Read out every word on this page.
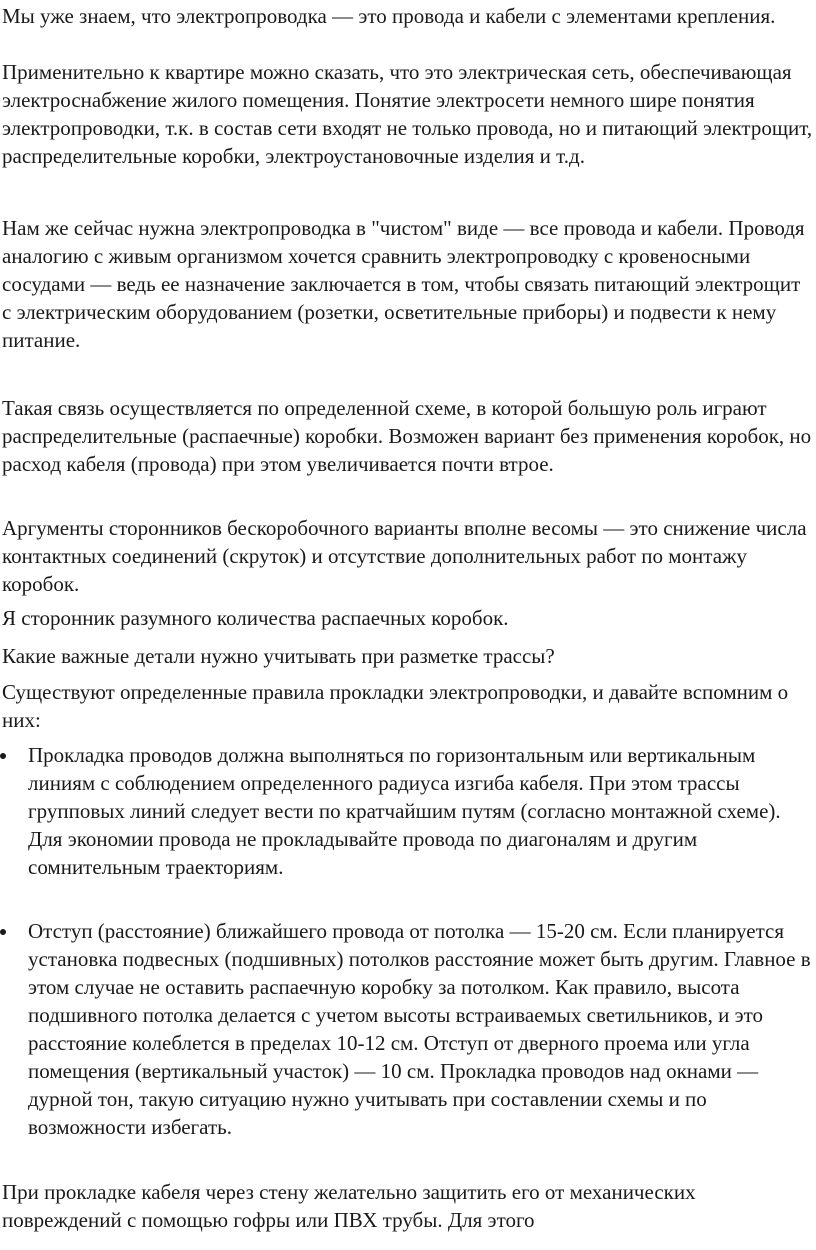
Мы уже знаем, что электропроводка — это провода и кабели с элементами крепления.

Применительно к квартире можно сказать, что это электрическая сеть, обеспечивающая электроснабжение жилого помещения. Понятие электросети немного шире понятия электропроводки, т.к. в состав сети входят не только провода, но и питающий электрощит, распределительные коробки, электроустановочные изделия и т.д.

Нам же сейчас нужна электропроводка в "чистом" виде — все провода и кабели. Проводя аналогию с живым организмом хочется сравнить электропроводку с кровеносными сосудами — ведь ее назначение заключается в том, чтобы связать питающий электрощит с электрическим оборудованием (розетки, осветительные приборы) и подвести к нему питание.

Такая связь осуществляется по определенной схеме, в которой большую роль играют распределительные (распаечные) коробки. Возможен вариант без применения коробок, но расход кабеля (провода) при этом увеличивается почти втрое.

Аргументы сторонников бескоробочного варианты вполне весомы — это снижение числа контактных соединений (скруток) и отсутствие дополнительных работ по монтажу коробок.

Я сторонник разумного количества распаечных коробок.

Какие важные детали нужно учитывать при разметке трассы?

Существуют определенные правила прокладки электропроводки, и давайте вспомним о них:

Прокладка проводов должна выполняться по горизонтальным или вертикальным линиям с соблюдением определенного радиуса изгиба кабеля. При этом трассы групповых линий следует вести по кратчайшим путям (согласно монтажной схеме). Для экономии провода не прокладывайте провода по диагоналям и другим сомнительным траекториям.
Отступ (расстояние) ближайшего провода от потолка — 15-20 см. Если планируется установка подвесных (подшивных) потолков расстояние может быть другим. Главное в этом случае не оставить распаечную коробку за потолком. Как правило, высота подшивного потолка делается с учетом высоты встраиваемых светильников, и это расстояние колеблется в пределах 10-12 см. Отступ от дверного проема или угла помещения (вертикальный участок) — 10 см. Прокладка проводов над окнами — дурной тон, такую ситуацию нужно учитывать при составлении схемы и по возможности избегать.

При прокладке кабеля через стену желательно защитить его от механических повреждений с помощью гофры или ПВХ трубы. Для этого
